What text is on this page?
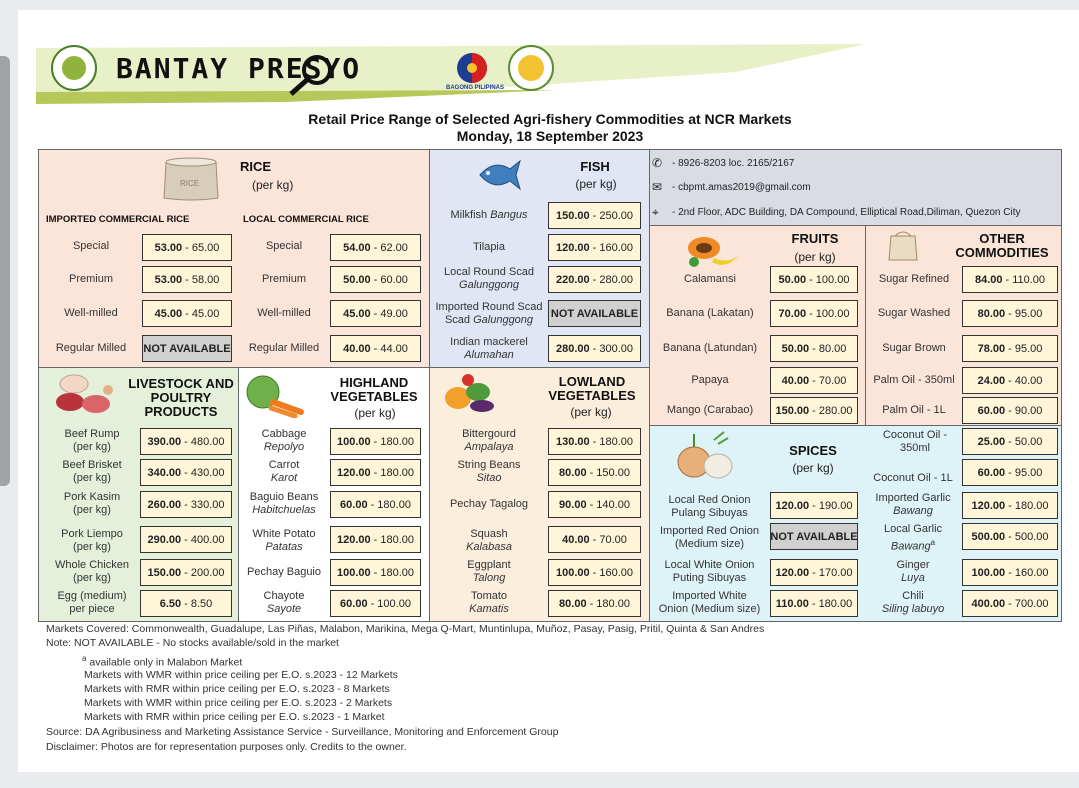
BANTAY PRESYO
BAGONG PILIPINAS
Retail Price Range of Selected Agri-fishery Commodities at NCR Markets
Monday, 18 September 2023
RICE
RICE
(per kg)
IMPORTED COMMERCIAL RICE	LOCAL COMMERCIAL RICE
Special	53.00 - 65.00
Premium	53.00 - 58.00
Well-milled	45.00 - 45.00
Regular Milled	NOT AVAILABLE
Special	54.00 - 62.00
Premium	50.00 - 60.00
Well-milled	45.00 - 49.00
Regular Milled	40.00 - 44.00
FISH
(per kg)
Milkfish Bangus	150.00 - 250.00
Tilapia	120.00 - 160.00
Local Round Scad
Galunggong	220.00 - 280.00
Imported Round Scad
Scad Galunggong
NOT AVAILABLE
Indian mackerel
Alumahan
280.00 - 300.00
✆ - 8926-8203 loc. 2165/2167
✉ - cbpmt.amas2019@gmail.com
⌖	- 2nd Floor, ADC Building, DA Compound, Elliptical Road,Diliman, Quezon City
FRUITS
(per kg)
Calamansi	50.00 - 100.00
Banana (Lakatan)	70.00 - 100.00
Banana (Latundan)	50.00 - 80.00
Papaya	40.00 - 70.00
Mango (Carabao)	150.00 - 280.00
OTHER
COMMODITIES
Sugar Refined	84.00 - 110.00
Sugar Washed	80.00 - 95.00
Sugar Brown	78.00 - 95.00
Palm Oil - 350ml	24.00 - 40.00
Palm Oil - 1L	60.00 - 90.00
Coconut Oil - 350ml
25.00 - 50.00
Coconut Oil - 1L	60.00 - 95.00
LIVESTOCK AND
POULTRY
PRODUCTS
Beef Rump
(per kg)	390.00 - 480.00
Beef Brisket
(per kg)	340.00 - 430.00
Pork Kasim
(per kg)	260.00 - 330.00
Pork Liempo
(per kg)
290.00 - 400.00
Whole Chicken
(per kg)	150.00 - 200.00
Egg (medium)
per piece	6.50 - 8.50
HIGHLAND
VEGETABLES
(per kg)
Cabbage
Repolyo	100.00 - 180.00
Carrot
Karot	120.00 - 180.00
Baguio Beans
Habitchuelas	60.00 - 180.00
White Potato
Patatas
120.00 - 180.00
Pechay Baguio	100.00 - 180.00
Chayote
Sayote	60.00 - 100.00
LOWLAND
VEGETABLES
(per kg)
Bittergourd
Ampalaya	130.00 - 180.00
String Beans
Sitao	80.00 - 150.00
Pechay Tagalog	90.00 - 140.00
Squash
Kalabasa
40.00 - 70.00
Eggplant
Talong	100.00 - 160.00
Tomato
Kamatis	80.00 - 180.00
SPICES
(per kg)
Local Red Onion
Pulang Sibuyas
120.00 - 190.00
Imported Red Onion
(Medium size)
NOT AVAILABLE
Local White Onion
Puting Sibuyas	120.00 - 170.00
Imported White
Onion (Medium size)	110.00 - 180.00
Imported Garlic
Bawang	120.00 - 180.00
Local Garlic
Bawang$^a$	500.00 - 500.00
Ginger
Luya	100.00 - 160.00
Chili
Siling labuyo	400.00 - 700.00
Markets Covered: Commonwealth, Guadalupe, Las Piñas, Malabon, Marikina, Mega Q-Mart, Muntinlupa, Muñoz, Pasay, Pasig, Pritil, Quinta & San Andres
Note: NOT AVAILABLE - No stocks available/sold in the market
$^a$ available only in Malabon Market
Markets with WMR within price ceiling per E.O. s.2023 - 12 Markets
Markets with RMR within price ceiling per E.O. s.2023 - 8 Markets
Markets with WMR within price ceiling per E.O. s.2023 - 2 Markets
Markets with RMR within price ceiling per E.O. s.2023 - 1 Market
Source: DA Agribusiness and Marketing Assistance Service - Surveillance, Monitoring and Enforcement Group
Disclaimer: Photos are for representation purposes only. Credits to the owner.
